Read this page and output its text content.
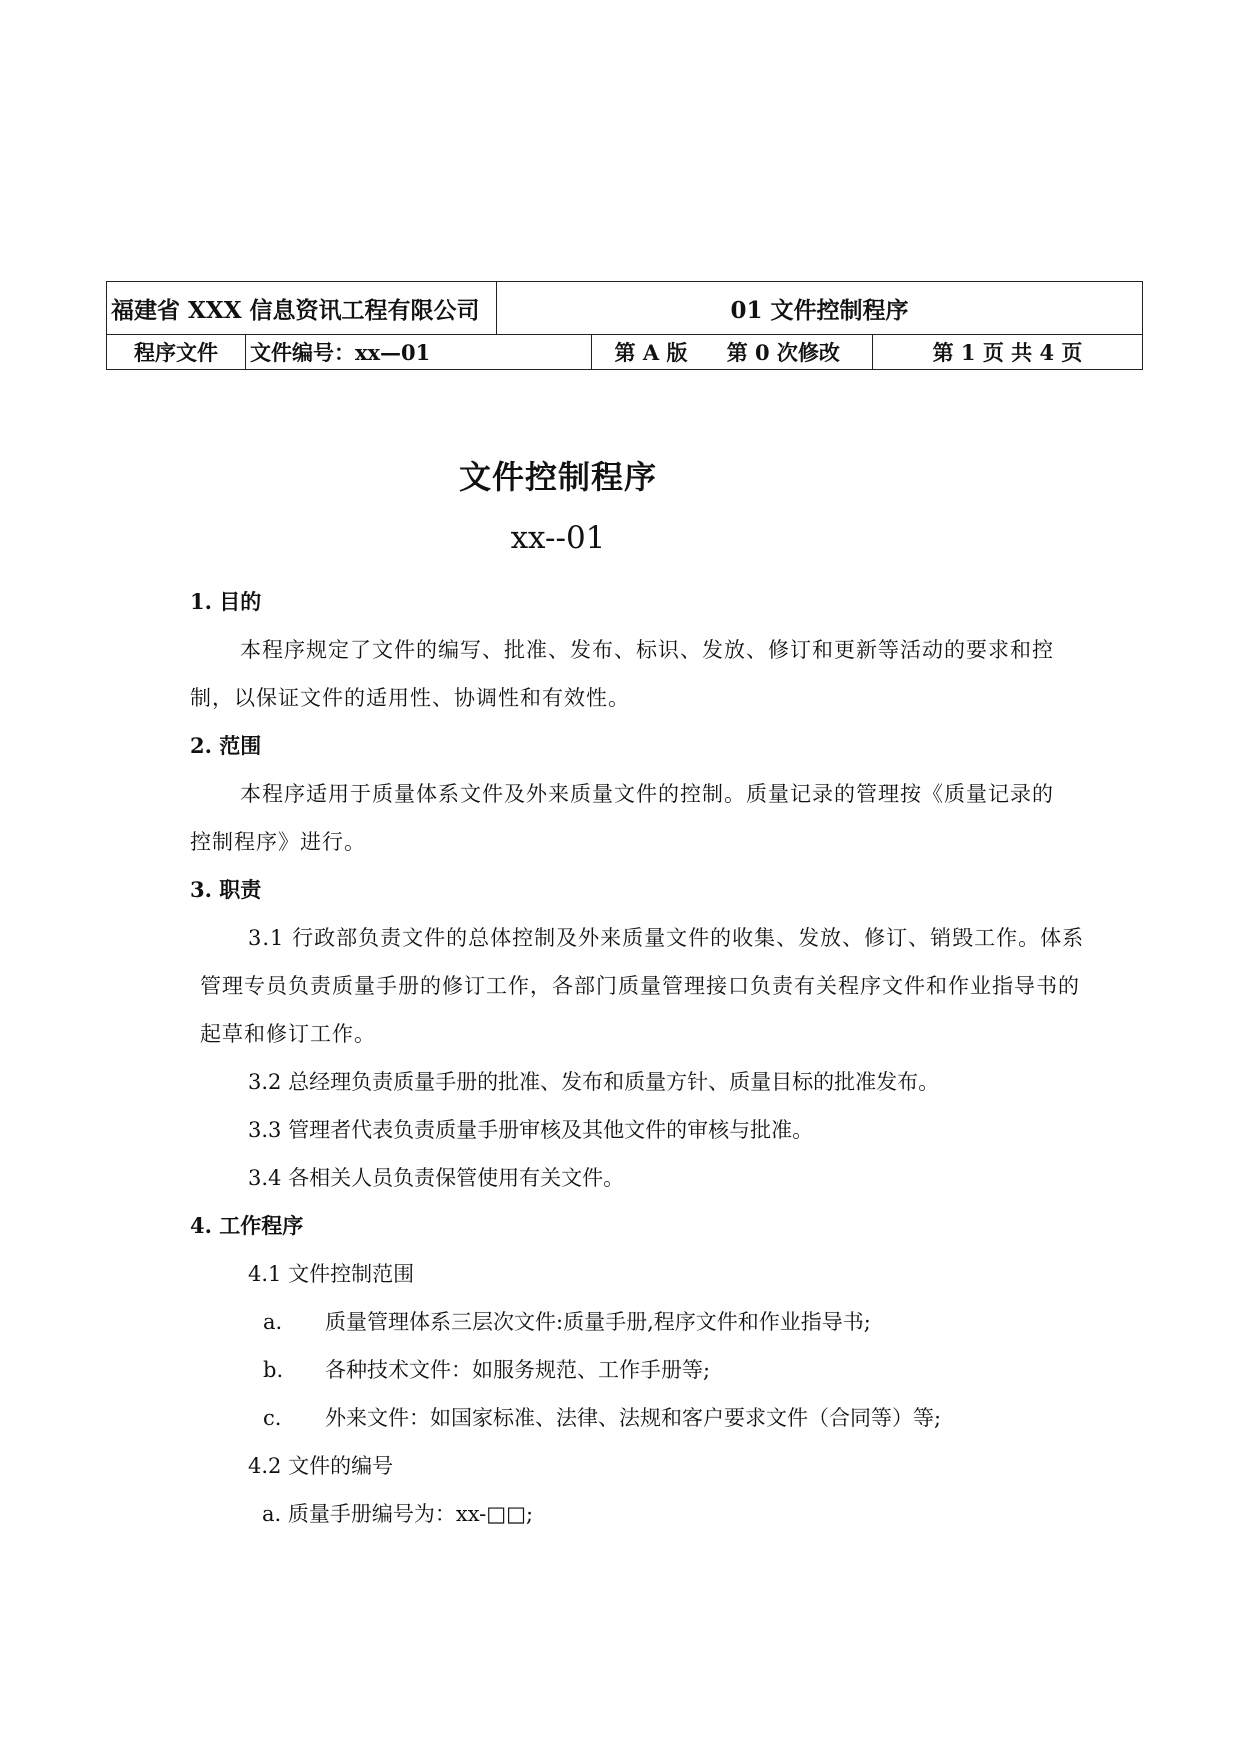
福建省 XXX 信息资讯工程有限公司		01 文件控制程序		
程序文件	文件编号：xx—01		第 A 版 第 0 次修改	第 1 页 共 4 页
文件控制程序
xx--01
1. 目的
本程序规定了文件的编写、批准、发布、标识、发放、修订和更新等活动的要求和控制，以保证文件的适用性、协调性和有效性。
2. 范围
本程序适用于质量体系文件及外来质量文件的控制。质量记录的管理按《质量记录的控制程序》进行。
3. 职责
3.1 行政部负责文件的总体控制及外来质量文件的收集、发放、修订、销毁工作。体系管理专员负责质量手册的修订工作，各部门质量管理接口负责有关程序文件和作业指导书的起草和修订工作。
3.2 总经理负责质量手册的批准、发布和质量方针、质量目标的批准发布。
3.3 管理者代表负责质量手册审核及其他文件的审核与批准。
3.4 各相关人员负责保管使用有关文件。
4. 工作程序
4.1 文件控制范围
a. 质量管理体系三层次文件:质量手册,程序文件和作业指导书;
b. 各种技术文件：如服务规范、工作手册等;
c. 外来文件：如国家标准、法律、法规和客户要求文件（合同等）等;
4.2 文件的编号
a. 质量手册编号为：xx-□□;
